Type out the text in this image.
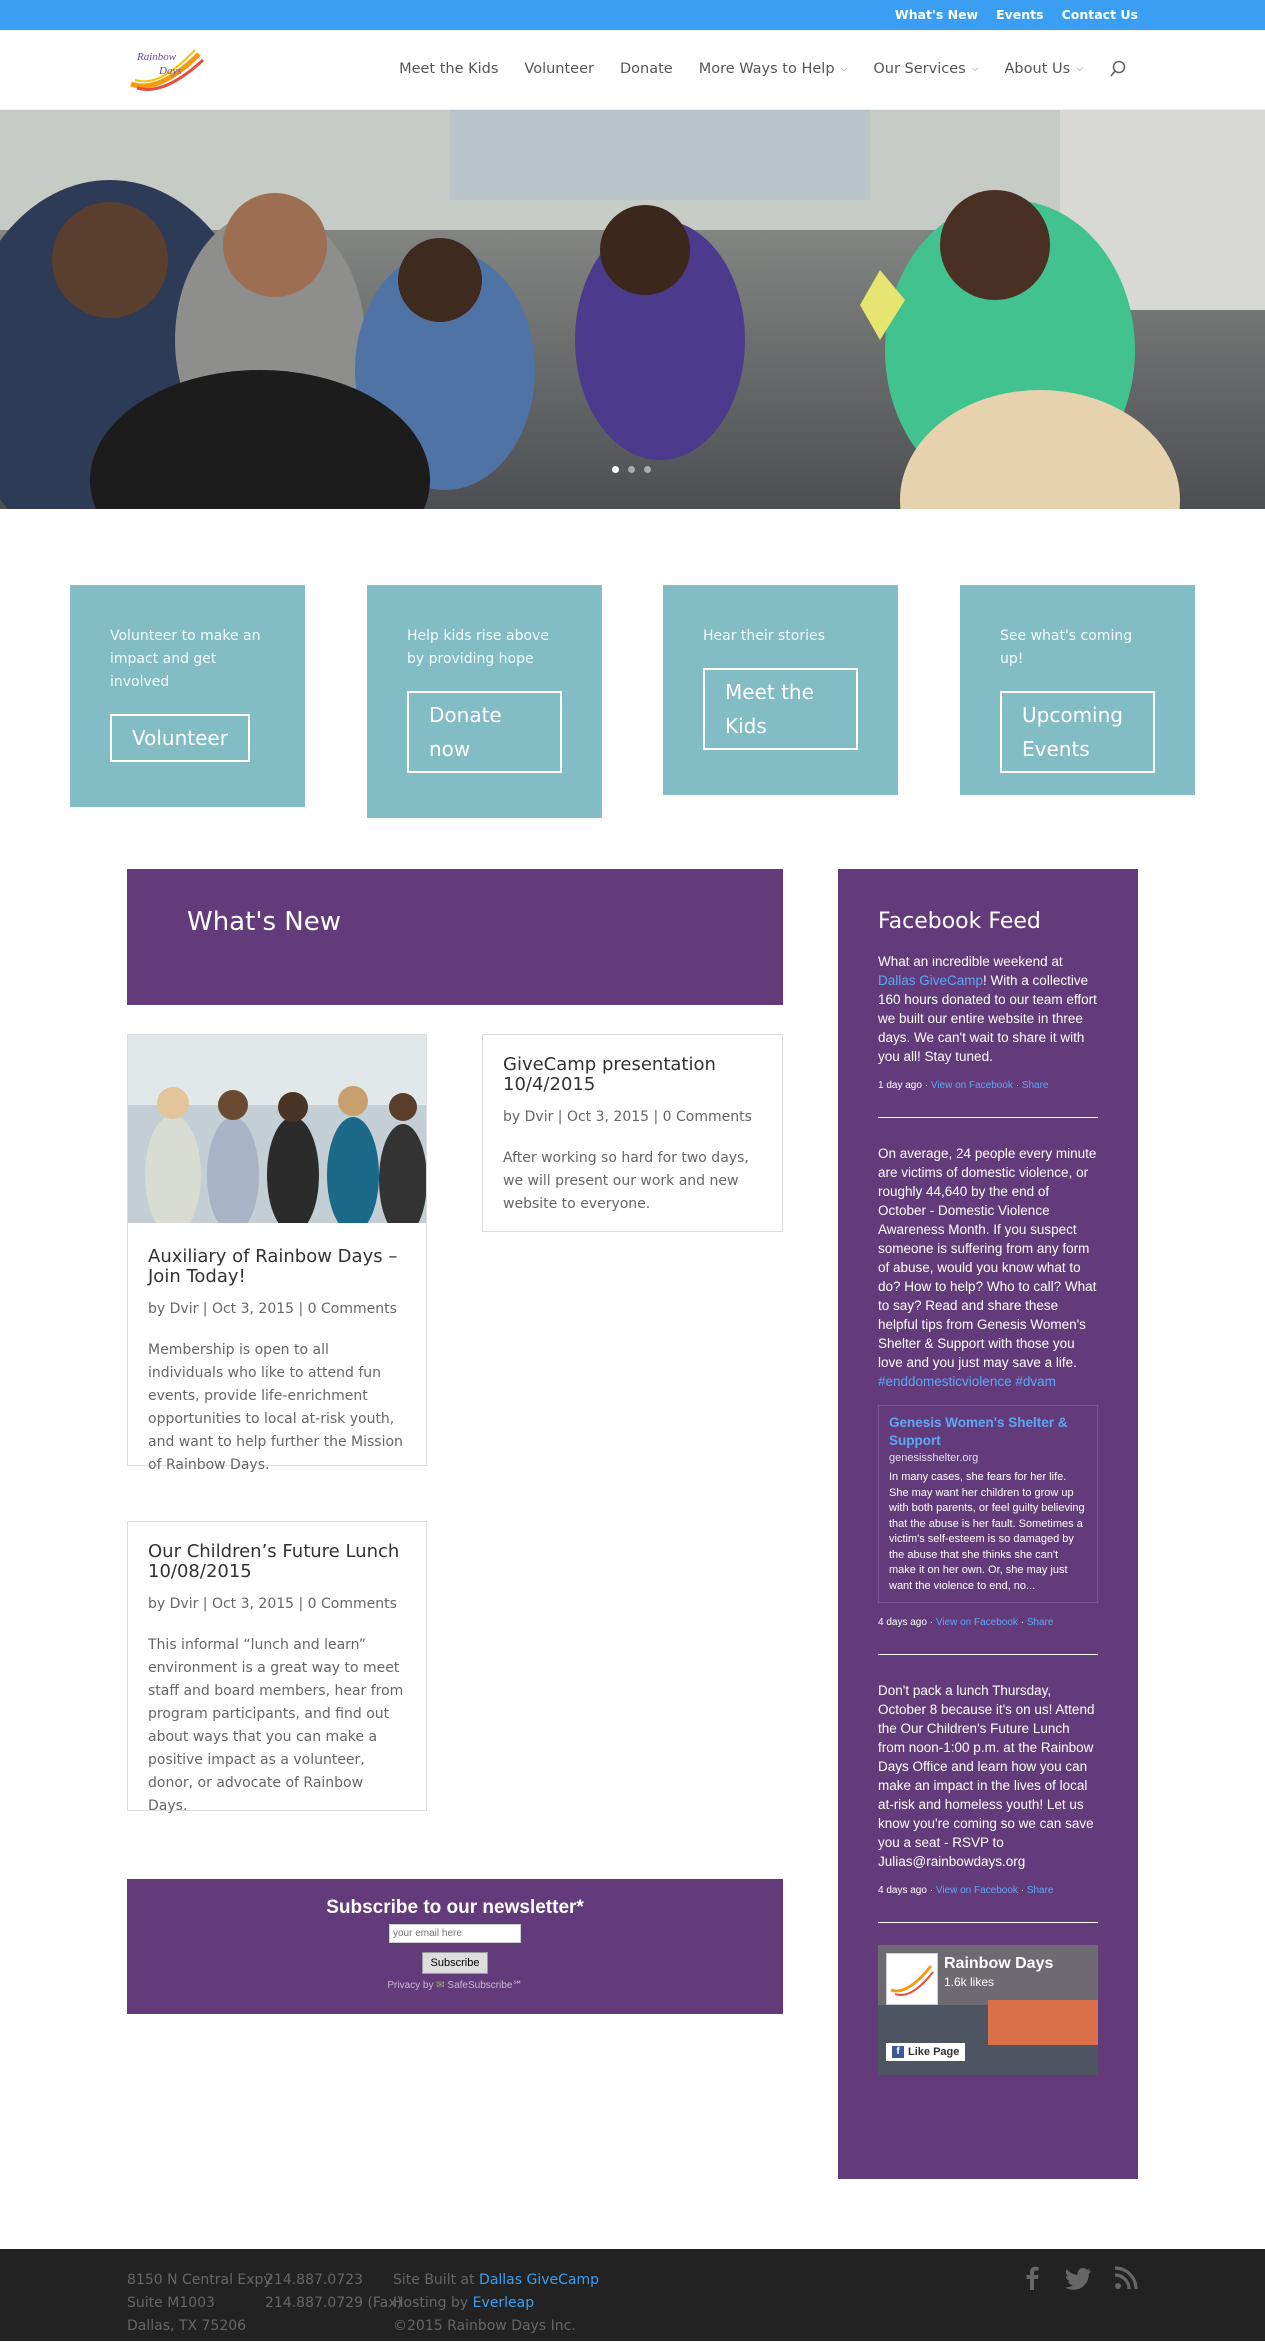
What's New Events Contact Us
Rainbow
Days	Meet the Kids Volunteer Donate More Ways to Help ⌵ Our Services ⌵ About Us ⌵

Volunteer to make an impact and get involved

Volunteer

Help kids rise above by providing hope

Donate now

Hear their stories

Meet the Kids

See what's coming up!

Upcoming Events
What's New
Auxiliary of Rainbow Days – Join Today!
by Dvir | Oct 3, 2015 | 0 Comments
Membership is open to all individuals who like to attend fun events, provide life-enrichment opportunities to local at-risk youth, and want to help further the Mission of Rainbow Days.
GiveCamp presentation 10/4/2015
by Dvir | Oct 3, 2015 | 0 Comments
After working so hard for two days, we will present our work and new website to everyone.
Our Children’s Future Lunch 10/08/2015
by Dvir | Oct 3, 2015 | 0 Comments
This informal “lunch and learn” environment is a great way to meet staff and board members, hear from program participants, and find out about ways that you can make a positive impact as a volunteer, donor, or advocate of Rainbow Days.
Subscribe to our newsletter*
your email here
Subscribe
Privacy by ✉ SafeSubscribe℠
Facebook Feed
What an incredible weekend at Dallas GiveCamp! With a collective 160 hours donated to our team effort we built our entire website in three days. We can't wait to share it with you all! Stay tuned.
1 day ago · View on Facebook · Share
On average, 24 people every minute are victims of domestic violence, or roughly 44,640 by the end of October - Domestic Violence Awareness Month. If you suspect someone is suffering from any form of abuse, would you know what to do? How to help? Who to call? What to say? Read and share these helpful tips from Genesis Women's Shelter & Support with those you love and you just may save a life. #enddomesticviolence #dvam
Genesis Women's Shelter & Support
genesisshelter.org
In many cases, she fears for her life. She may want her children to grow up with both parents, or feel guilty believing that the abuse is her fault. Sometimes a victim's self-esteem is so damaged by the abuse that she thinks she can't make it on her own. Or, she may just want the violence to end, no...
4 days ago · View on Facebook · Share
Don't pack a lunch Thursday, October 8 because it's on us! Attend the Our Children's Future Lunch from noon-1:00 p.m. at the Rainbow Days Office and learn how you can make an impact in the lives of local at-risk and homeless youth! Let us know you're coming so we can save you a seat - RSVP to Julias@rainbowdays.org
4 days ago · View on Facebook · Share
Rainbow Days
1.6k likes
f Like Page
8150 N Central Expy
Suite M1003
Dallas, TX 75206
214.887.0723
214.887.0729 (Fax)
Site Built at Dallas GiveCamp
Hosting by Everleap
©2015 Rainbow Days Inc.
